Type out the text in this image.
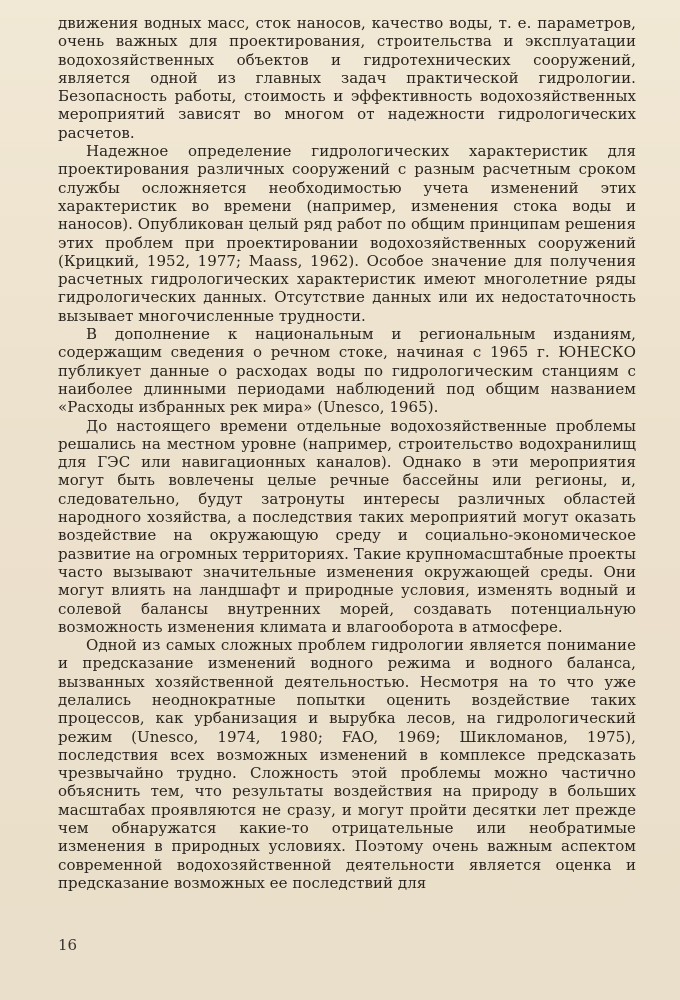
движения водных масс, сток наносов, качество воды, т. е. параметров, очень важных для проектирования, строительства и эксплуатации водохозяйственных объектов и гидротехнических сооружений, является одной из главных задач практической гидрологии. Безопасность работы, стоимость и эффективность водохозяйственных мероприятий зависят во многом от надежности гидрологических расчетов.

Надежное определение гидрологических характеристик для проектирования различных сооружений с разным расчетным сроком службы осложняется необходимостью учета изменений этих характеристик во времени (например, изменения стока воды и наносов). Опубликован целый ряд работ по общим принципам решения этих проблем при проектировании водохозяйственных сооружений (Крицкий, 1952, 1977; Maass, 1962). Особое значение для получения расчетных гидрологических характеристик имеют многолетние ряды гидрологических данных. Отсутствие данных или их недостаточность вызывает многочисленные трудности.

В дополнение к национальным и региональным изданиям, содержащим сведения о речном стоке, начиная с 1965 г. ЮНЕСКО публикует данные о расходах воды по гидрологическим станциям с наиболее длинными периодами наблюдений под общим названием «Расходы избранных рек мира» (Unesco, 1965).

До настоящего времени отдельные водохозяйственные проблемы решались на местном уровне (например, строительство водохранилищ для ГЭС или навигационных каналов). Однако в эти мероприятия могут быть вовлечены целые речные бассейны или регионы, и, следовательно, будут затронуты интересы различных областей народного хозяйства, а последствия таких мероприятий могут оказать воздействие на окружающую среду и социально-экономическое развитие на огромных территориях. Такие крупномасштабные проекты часто вызывают значительные изменения окружающей среды. Они могут влиять на ландшафт и природные условия, изменять водный и солевой балансы внутренних морей, создавать потенциальную возможность изменения климата и влагооборота в атмосфере.

Одной из самых сложных проблем гидрологии является понимание и предсказание изменений водного режима и водного баланса, вызванных хозяйственной деятельностью. Несмотря на то что уже делались неоднократные попытки оценить воздействие таких процессов, как урбанизация и вырубка лесов, на гидрологический режим (Unesco, 1974, 1980; FAO, 1969; Шикломанов, 1975), последствия всех возможных изменений в комплексе предсказать чрезвычайно трудно. Сложность этой проблемы можно частично объяснить тем, что результаты воздействия на природу в больших масштабах проявляются не сразу, и могут пройти десятки лет прежде чем обнаружатся какие-то отрицательные или необратимые изменения в природных условиях. Поэтому очень важным аспектом современной водохозяйственной деятельности является оценка и предсказание возможных ее последствий для

16
